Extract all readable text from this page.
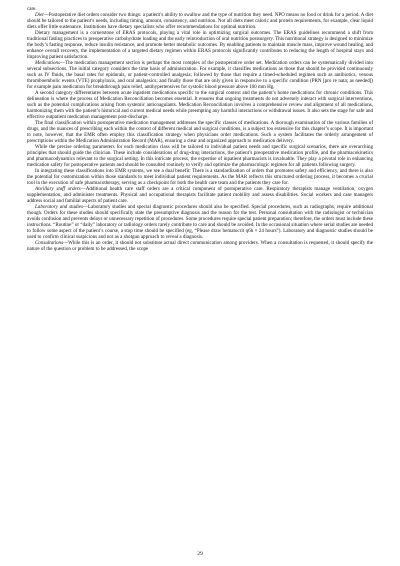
care.

Diet—Postoperative diet orders consider two things: a patient’s ability to swallow and the type of nutrition they need. NPO means no food or drink for a period. A diet should be tailored to the patient’s needs, including timing, amount, consistency, and nutrition. Not all diets meet caloric and protein requirements, for example, clear liquid diets offer little sustenance. Institutions have dietary specialists who offer recommendations for optimal nutrition.

Dietary management is a cornerstone of ERAS protocols, playing a vital role in optimizing surgical outcomes. The ERAS guidelines recommend a shift from traditional fasting practices to preoperative carbohydrate loading and the early reintroduction of oral nutrition postsurgery. This nutritional strategy is designed to minimize the body’s fasting response, reduce insulin resistance, and promote better metabolic outcomes. By enabling patients to maintain muscle mass, improve wound healing, and enhance overall recovery, the implementation of a targeted dietary regimen within ERAS protocols significantly contributes to reducing the length of hospital stays and improving patient satisfaction.

Medications—The medication management section is perhaps the most complex of the postoperative order set. Medication orders can be systematically divided into several subsections. The initial category considers the time basis of administration. For example, it classifies medications as those that should be provided continuously such as IV fluids, the basal rates for epidurals, or patient-controlled analgesia; followed by those that require a timed-scheduled regimen such as antibiotics, venous thromboembolic events (VTE) prophylaxis, and oral analgesics; and finally those that are only given in responsive to a specific condition (PRN [pro re nata; as needed]) for example pain medication for breakthrough pain relief, antihypertensives for systolic blood pressure above 160 mm Hg.

A second category differentiates between acute inpatient medications specific to the surgical context and the patient’s home medications for chronic conditions. This delineation is where the process of Medication Reconciliation becomes essential. It ensures that ongoing treatments do not adversely interact with surgical interventions, such as the potential complications arising from systemic anticoagulants. Medication Reconciliation involves a comprehensive review and alignment of all medications, harmonizing them with the patient’s historical and current medical needs while preempting any harmful interactions or withdrawal issues. It also sets the stage for safe and effective outpatient medication management post-discharge.

The final classification within postoperative medication management addresses the specific classes of medications. A thorough examination of the various families of drugs, and the nuances of prescribing each within the context of different medical and surgical conditions, is a subject too extensive for this chapter’s scope. It is important to note, however, that the EMR often employ this classification strategy when physicians order medications. Such a system facilitates the orderly arrangement of prescriptions within the Medication Administration Record (MAR), ensuring a clear and organized approach to medication delivery.

While the precise ordering parameters for each medication class will be tailored to individual patient needs and specific surgical scenarios, there are overarching principles that should guide the clinician. These include considerations of drug-drug interactions, the patient’s preoperative medication profile, and the pharmacokinetics and pharmacodynamics relevant to the surgical setting. In this intricate process, the expertise of inpatient pharmacists is invaluable. They play a pivotal role in enhancing medication safety for postoperative patients and should be consulted routinely to verify and optimize the pharmacologic regimen for all patients following surgery.

In integrating these classifications into EMR systems, we see a dual benefit: There is a standardization of orders that promotes safety and efficiency, and there is also the potential for customization within those standards to meet individual patient requirements. As the MAR reflects this structured ordering process, it becomes a crucial tool in the execution of safe pharmacotherapy, serving as a checkpoint for both the health care team and the patients they care for.

Ancillary staff orders—Additional health care staff orders are a critical component of postoperative care. Respiratory therapists manage ventilation, oxygen supplementation, and administer treatments. Physical and occupational therapists facilitate patient mobility and assess disabilities. Social workers and case managers address social and familial aspects of patient care.

Laboratory and studies—Laboratory studies and special diagnostic procedures should also be specified. Special procedures, such as radiographs, require additional though. Orders for these studies should specifically state the presumptive diagnosis and the reason for the test. Personal consultation with the radiologist or technician avoids confusion and prevents delays or unnecessary repetition of procedures. Some procedures require special patient preparation; therefore, the orders must include these instructions. “Routine” or “daily” laboratory or radiology orders rarely contribute to care and should be avoided. In the occasional situation where serial studies are needed to follow some aspect of the patient’s course, a stop time should be specified (eg, “Please draw hematocrit q6h × 24 hours”). Laboratory and diagnostic studies should be used to confirm clinical suspicions and not as a shotgun approach to reveal a diagnosis.

Consultations—While this is an order, it should not substitute actual direct communication among providers. When a consultation is requested, it should specify the nature of the question or problem to be addressed, the scope

29
